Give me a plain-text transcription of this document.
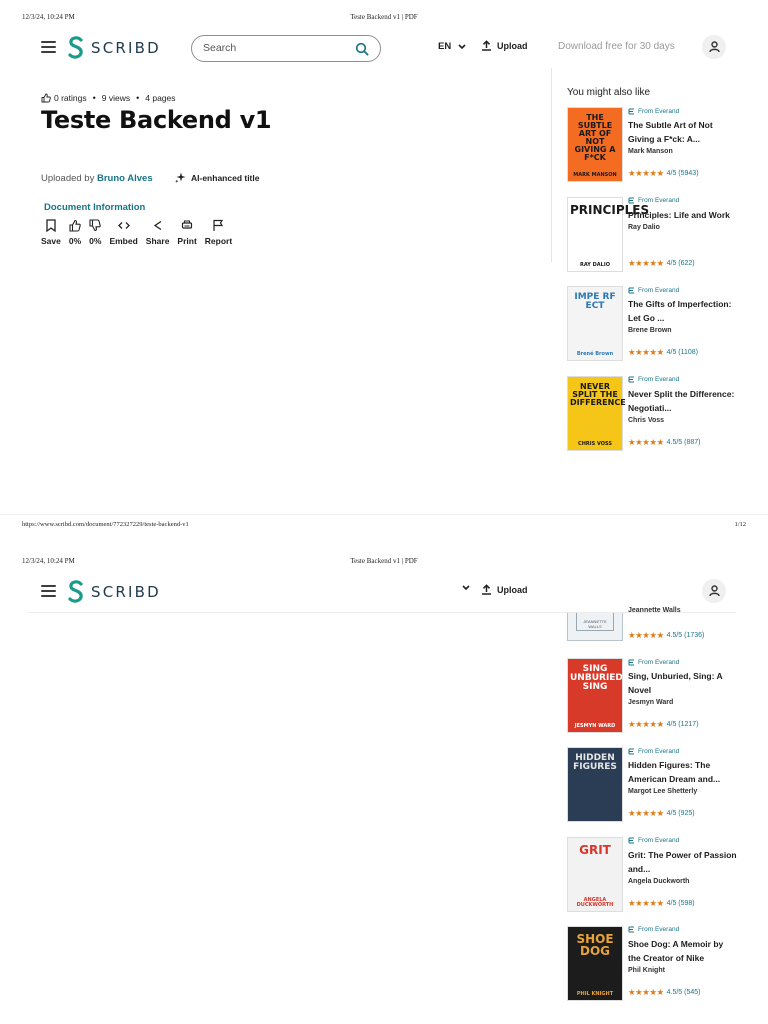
12/3/24, 10:24 PM	Teste Backend v1 | PDF
SCRIBD
Search	EN	Upload	Download free for 30 days
0 ratings • 9 views • 4 pages
Teste Backend v1
Uploaded by Bruno Alves	AI-enhanced title
Document Information
Save 0% 0% Embed Share Print Report
You might also like
THE SUBTLE ART OF NOT GIVING A F*CK
MARK MANSON
From Everand
The Subtle Art of Not Giving a F*ck: A...
Mark Manson
★★★★★ 4/5 (5943)
PRINCIPLES
RAY DALIO
From Everand
Principles: Life and Work
Ray Dalio
★★★★★ 4/5 (622)
IMPE RF ECT
Brené Brown
From Everand
The Gifts of Imperfection: Let Go ...
Brene Brown
★★★★★ 4/5 (1108)
NEVER SPLIT THE DIFFERENCE
CHRIS VOSS
From Everand
Never Split the Difference: Negotiati...
Chris Voss
★★★★★ 4.5/5 (887)
https://www.scribd.com/document/772327229/teste-backend-v1	1/12
12/3/24, 10:24 PM	Teste Backend v1 | PDF
SCRIBD	Upload
JEANNETTE WALLS
Jeannette Walls
★★★★★ 4.5/5 (1736)
SING UNBURIED SING
JESMYN WARD
From Everand
Sing, Unburied, Sing: A Novel
Jesmyn Ward
★★★★★ 4/5 (1217)
HIDDEN FIGURES
From Everand
Hidden Figures: The American Dream and...
Margot Lee Shetterly
★★★★★ 4/5 (925)
GRIT
ANGELA DUCKWORTH
From Everand
Grit: The Power of Passion and...
Angela Duckworth
★★★★★ 4/5 (598)
SHOE DOG
PHIL KNIGHT
From Everand
Shoe Dog: A Memoir by the Creator of Nike
Phil Knight
★★★★★ 4.5/5 (545)
